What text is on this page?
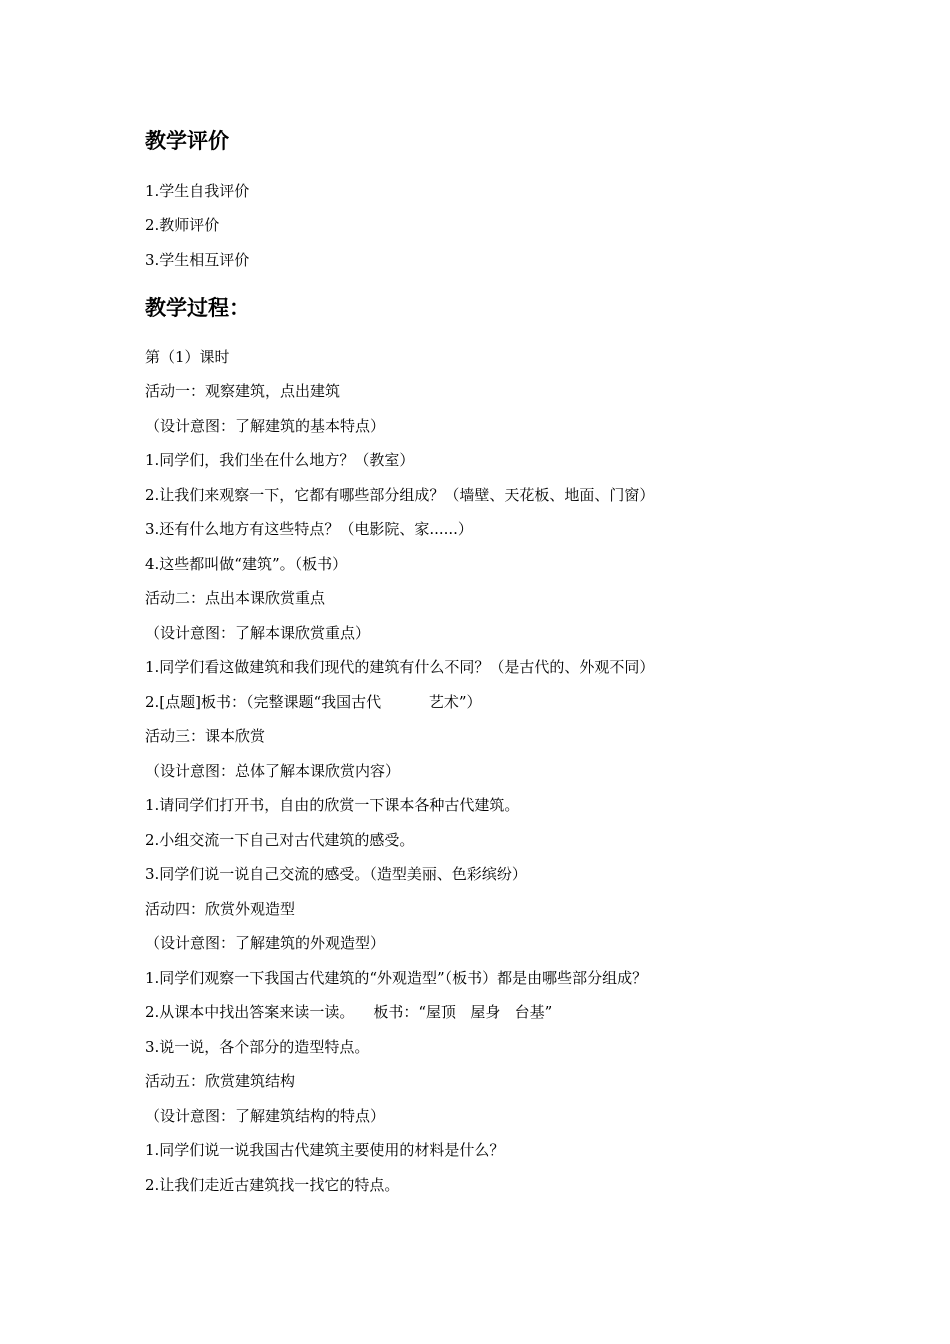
教学评价
1.学生自我评价
2.教师评价
3.学生相互评价
教学过程：
第（1）课时
活动一：观察建筑，点出建筑
（设计意图：了解建筑的基本特点）
1.同学们，我们坐在什么地方？（教室）
2.让我们来观察一下，它都有哪些部分组成？（墙壁、天花板、地面、门窗）
3.还有什么地方有这些特点？（电影院、家......）
4.这些都叫做“建筑”。（板书）
活动二：点出本课欣赏重点
（设计意图：了解本课欣赏重点）
1.同学们看这做建筑和我们现代的建筑有什么不同？（是古代的、外观不同）
2.[点题]板书：（完整课题“我国古代          艺术”）
活动三：课本欣赏
（设计意图：总体了解本课欣赏内容）
1.请同学们打开书，自由的欣赏一下课本各种古代建筑。
2.小组交流一下自己对古代建筑的感受。
3.同学们说一说自己交流的感受。（造型美丽、色彩缤纷）
活动四：欣赏外观造型
（设计意图：了解建筑的外观造型）
1.同学们观察一下我国古代建筑的“外观造型”（板书）都是由哪些部分组成？
2.从课本中找出答案来读一读。    板书：“屋顶   屋身   台基”
3.说一说，各个部分的造型特点。
活动五：欣赏建筑结构
（设计意图：了解建筑结构的特点）
1.同学们说一说我国古代建筑主要使用的材料是什么？
2.让我们走近古建筑找一找它的特点。
